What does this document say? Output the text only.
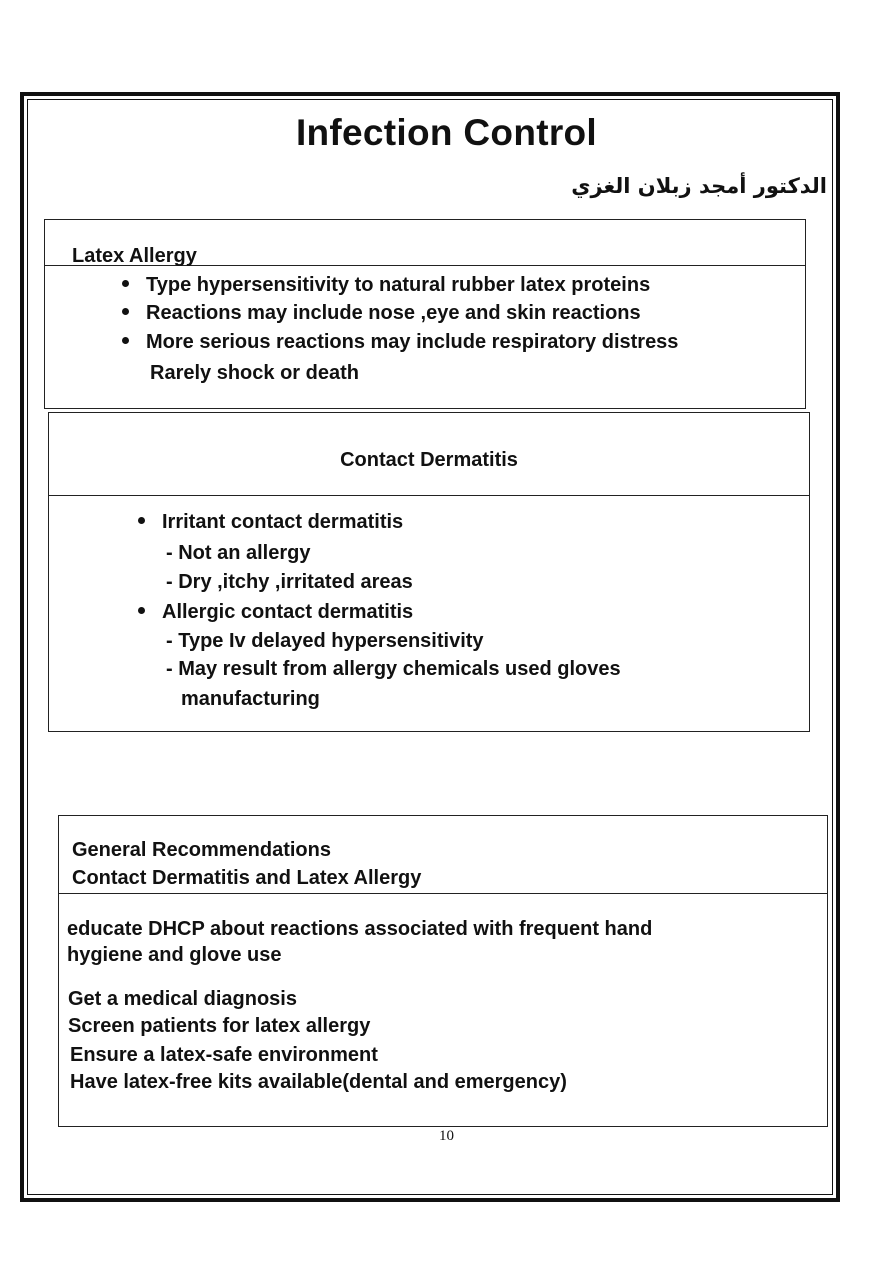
Infection Control
الدكتور أمجد زبلان الغزي
Latex Allergy
Type hypersensitivity to natural rubber latex proteins
Reactions may include nose ,eye and skin reactions
More serious reactions may include respiratory distress
Rarely shock or death
Contact Dermatitis
Irritant contact dermatitis
- Not an allergy
- Dry ,itchy ,irritated areas
Allergic contact dermatitis
- Type Iv delayed hypersensitivity
- May result from allergy chemicals used gloves
manufacturing
General Recommendations
Contact Dermatitis and Latex Allergy
educate DHCP about reactions associated with frequent hand
hygiene and glove use
Get a medical diagnosis
Screen patients for latex allergy
Ensure a latex-safe environment
Have latex-free kits available(dental and emergency)
10
